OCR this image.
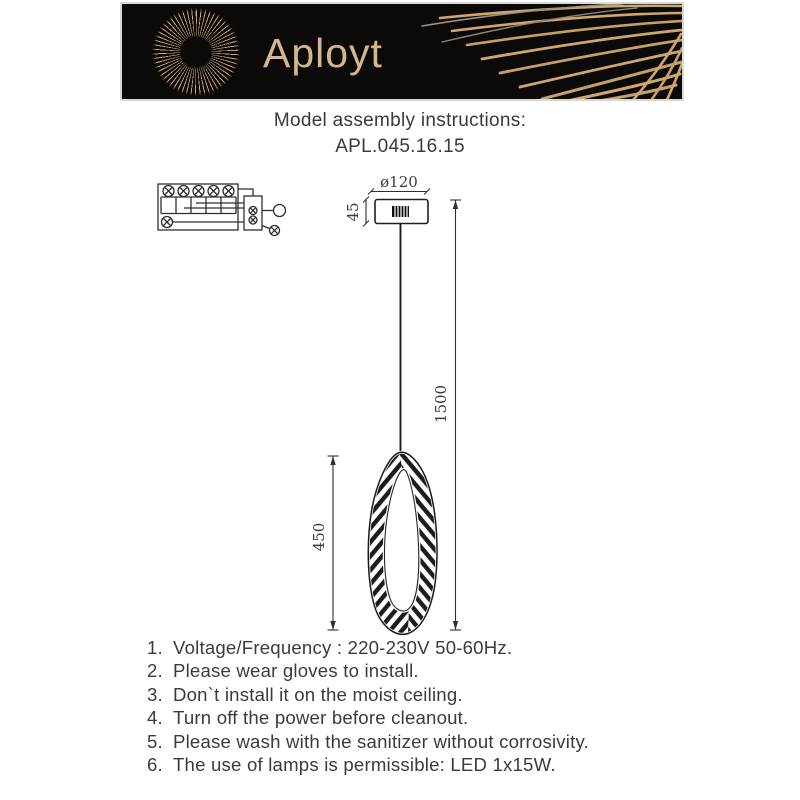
Aployt
Model assembly instructions:
APL.045.16.15
ø120
45
1500
450
1. Voltage/Frequency : 220-230V 50-60Hz.
2. Please wear gloves to install.
3. Don`t install it on the moist ceiling.
4. Turn off the power before cleanout.
5. Please wash with the sanitizer without corrosivity.
6. The use of lamps is permissible: LED 1x15W.
